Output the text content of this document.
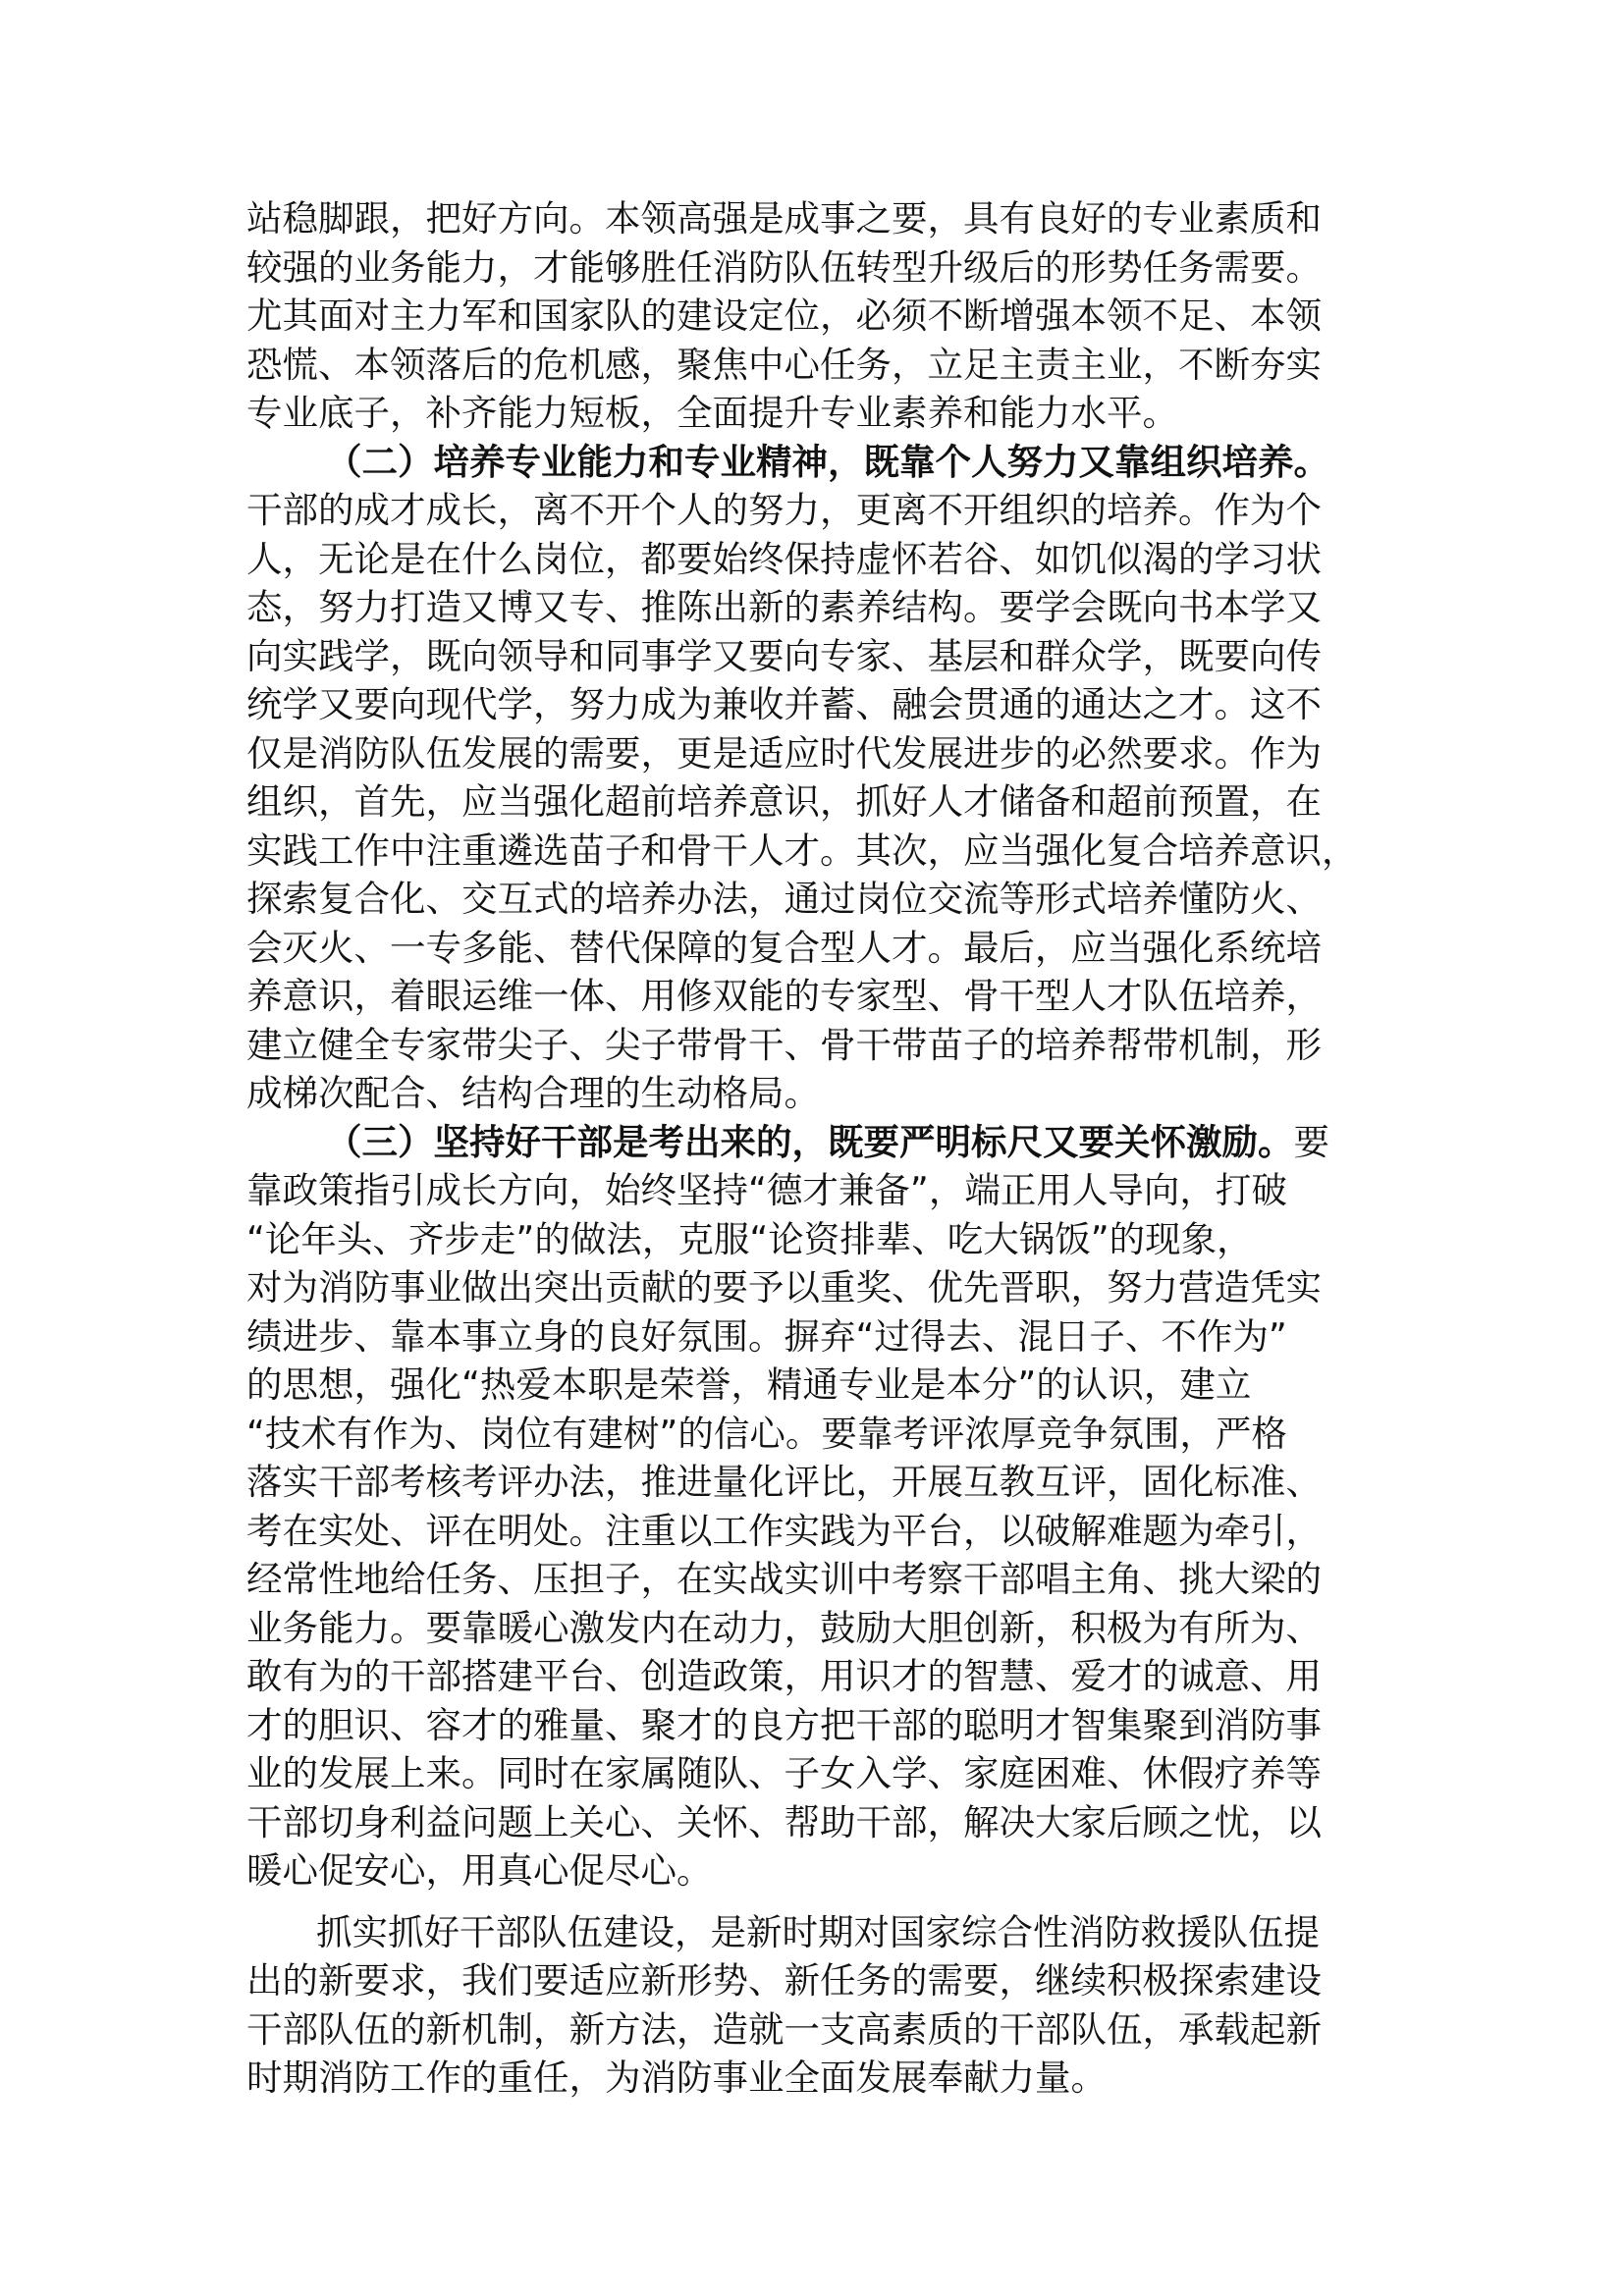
站稳脚跟，把好方向。本领高强是成事之要，具有良好的专业素质和
较强的业务能力，才能够胜任消防队伍转型升级后的形势任务需要。
尤其面对主力军和国家队的建设定位，必须不断增强本领不足、本领
恐慌、本领落后的危机感，聚焦中心任务，立足主责主业，不断夯实
专业底子，补齐能力短板，全面提升专业素养和能力水平。
（二）培养专业能力和专业精神，既靠个人努力又靠组织培养。
干部的成才成长，离不开个人的努力，更离不开组织的培养。作为个
人，无论是在什么岗位，都要始终保持虚怀若谷、如饥似渴的学习状
态，努力打造又博又专、推陈出新的素养结构。要学会既向书本学又
向实践学，既向领导和同事学又要向专家、基层和群众学，既要向传
统学又要向现代学，努力成为兼收并蓄、融会贯通的通达之才。这不
仅是消防队伍发展的需要，更是适应时代发展进步的必然要求。作为
组织，首先，应当强化超前培养意识，抓好人才储备和超前预置，在
实践工作中注重遴选苗子和骨干人才。其次，应当强化复合培养意识，
探索复合化、交互式的培养办法，通过岗位交流等形式培养懂防火、
会灭火、一专多能、替代保障的复合型人才。最后，应当强化系统培
养意识，着眼运维一体、用修双能的专家型、骨干型人才队伍培养，
建立健全专家带尖子、尖子带骨干、骨干带苗子的培养帮带机制，形
成梯次配合、结构合理的生动格局。
（三）坚持好干部是考出来的，既要严明标尺又要关怀激励。要
靠政策指引成长方向，始终坚持“德才兼备”，端正用人导向，打破
“论年头、齐步走”的做法，克服“论资排辈、吃大锅饭”的现象，
对为消防事业做出突出贡献的要予以重奖、优先晋职，努力营造凭实
绩进步、靠本事立身的良好氛围。摒弃“过得去、混日子、不作为”
的思想，强化“热爱本职是荣誉，精通专业是本分”的认识，建立
“技术有作为、岗位有建树”的信心。要靠考评浓厚竞争氛围，严格
落实干部考核考评办法，推进量化评比，开展互教互评，固化标准、
考在实处、评在明处。注重以工作实践为平台，以破解难题为牵引，
经常性地给任务、压担子，在实战实训中考察干部唱主角、挑大梁的
业务能力。要靠暖心激发内在动力，鼓励大胆创新，积极为有所为、
敢有为的干部搭建平台、创造政策，用识才的智慧、爱才的诚意、用
才的胆识、容才的雅量、聚才的良方把干部的聪明才智集聚到消防事
业的发展上来。同时在家属随队、子女入学、家庭困难、休假疗养等
干部切身利益问题上关心、关怀、帮助干部，解决大家后顾之忧，以
暖心促安心，用真心促尽心。
抓实抓好干部队伍建设，是新时期对国家综合性消防救援队伍提
出的新要求，我们要适应新形势、新任务的需要，继续积极探索建设
干部队伍的新机制，新方法，造就一支高素质的干部队伍，承载起新
时期消防工作的重任，为消防事业全面发展奉献力量。
